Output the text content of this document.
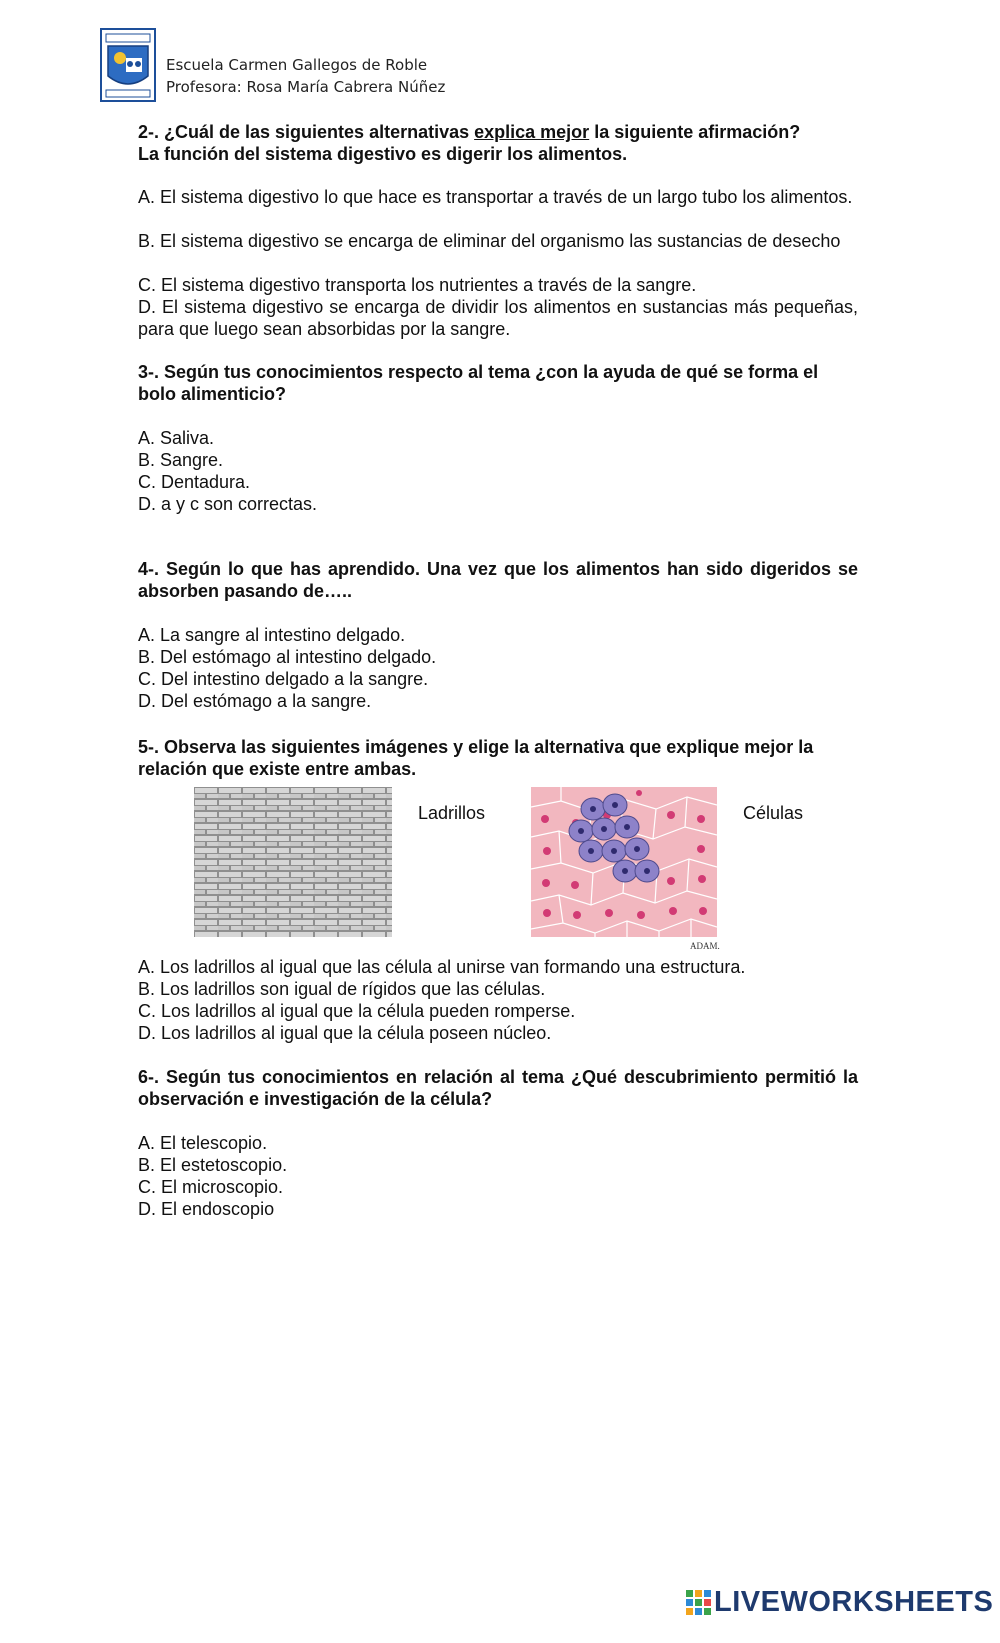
Escuela Carmen Gallegos de Roble
Profesora: Rosa María Cabrera Núñez
2-. ¿Cuál de las siguientes alternativas explica mejor la siguiente afirmación?
La función del sistema digestivo es digerir los alimentos.
A. El sistema digestivo lo que hace es transportar a través de un largo tubo los alimentos.
B. El sistema digestivo se encarga de eliminar del organismo las sustancias de desecho
C. El sistema digestivo transporta los nutrientes a través de la sangre.
D. El sistema digestivo se encarga de dividir los alimentos en sustancias más pequeñas, para que luego sean absorbidas por la sangre.
3-. Según tus conocimientos respecto al tema ¿con la ayuda de qué se forma el bolo alimenticio?
A. Saliva.
B. Sangre.
C. Dentadura.
D. a y c son correctas.
4-. Según lo que has aprendido. Una vez que los alimentos han sido digeridos se absorben pasando de…..
A. La sangre al intestino delgado.
B. Del estómago al intestino delgado.
C. Del intestino delgado a la sangre.
D. Del estómago a la sangre.
5-. Observa las siguientes imágenes y elige la alternativa que explique mejor la relación que existe entre ambas.
Ladrillos
ADAM.
Células
A. Los ladrillos al igual que las célula al unirse van formando una estructura.
B. Los ladrillos son igual de rígidos que las células.
C. Los ladrillos al igual que la célula pueden romperse.
D. Los ladrillos al igual que la célula poseen núcleo.
6-. Según tus conocimientos en relación al tema ¿Qué descubrimiento permitió la observación e investigación de la célula?
A. El telescopio.
B. El estetoscopio.
C. El microscopio.
D. El endoscopio
LIVEWORKSHEETS
